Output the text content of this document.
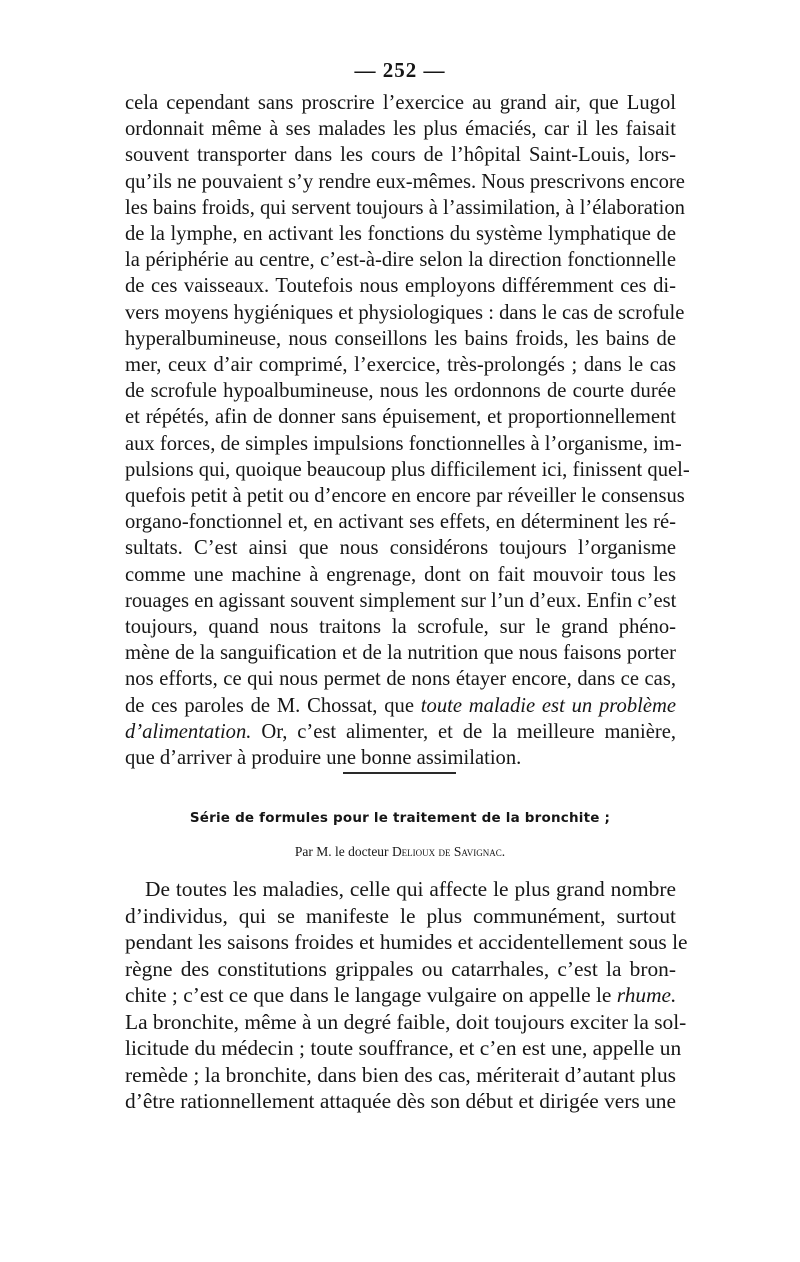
— 252 —
cela cependant sans proscrire l’exercice au grand air, que Lugol
ordonnait même à ses malades les plus émaciés, car il les faisait
souvent transporter dans les cours de l’hôpital Saint-Louis, lors-
qu’ils ne pouvaient s’y rendre eux-mêmes. Nous prescrivons encore
les bains froids, qui servent toujours à l’assimilation, à l’élaboration
de la lymphe, en activant les fonctions du système lymphatique de
la périphérie au centre, c’est-à-dire selon la direction fonctionnelle
de ces vaisseaux. Toutefois nous employons différemment ces di-
vers moyens hygiéniques et physiologiques : dans le cas de scrofule
hyperalbumineuse, nous conseillons les bains froids, les bains de
mer, ceux d’air comprimé, l’exercice, très-prolongés ; dans le cas
de scrofule hypoalbumineuse, nous les ordonnons de courte durée
et répétés, afin de donner sans épuisement, et proportionnellement
aux forces, de simples impulsions fonctionnelles à l’organisme, im-
pulsions qui, quoique beaucoup plus difficilement ici, finissent quel-
quefois petit à petit ou d’encore en encore par réveiller le consensus
organo-fonctionnel et, en activant ses effets, en déterminent les ré-
sultats. C’est ainsi que nous considérons toujours l’organisme
comme une machine à engrenage, dont on fait mouvoir tous les
rouages en agissant souvent simplement sur l’un d’eux. Enfin c’est
toujours, quand nous traitons la scrofule, sur le grand phéno-
mène de la sanguification et de la nutrition que nous faisons porter
nos efforts, ce qui nous permet de nons étayer encore, dans ce cas,
de ces paroles de M. Chossat, que toute maladie est un problème
d’alimentation. Or, c’est alimenter, et de la meilleure manière,
que d’arriver à produire une bonne assimilation.
Série de formules pour le traitement de la bronchite ;
Par M. le docteur Delioux de Savignac.
De toutes les maladies, celle qui affecte le plus grand nombre
d’individus, qui se manifeste le plus communément, surtout
pendant les saisons froides et humides et accidentellement sous le
règne des constitutions grippales ou catarrhales, c’est la bron-
chite ; c’est ce que dans le langage vulgaire on appelle le rhume.
La bronchite, même à un degré faible, doit toujours exciter la sol-
licitude du médecin ; toute souffrance, et c’en est une, appelle un
remède ; la bronchite, dans bien des cas, mériterait d’autant plus
d’être rationnellement attaquée dès son début et dirigée vers une
